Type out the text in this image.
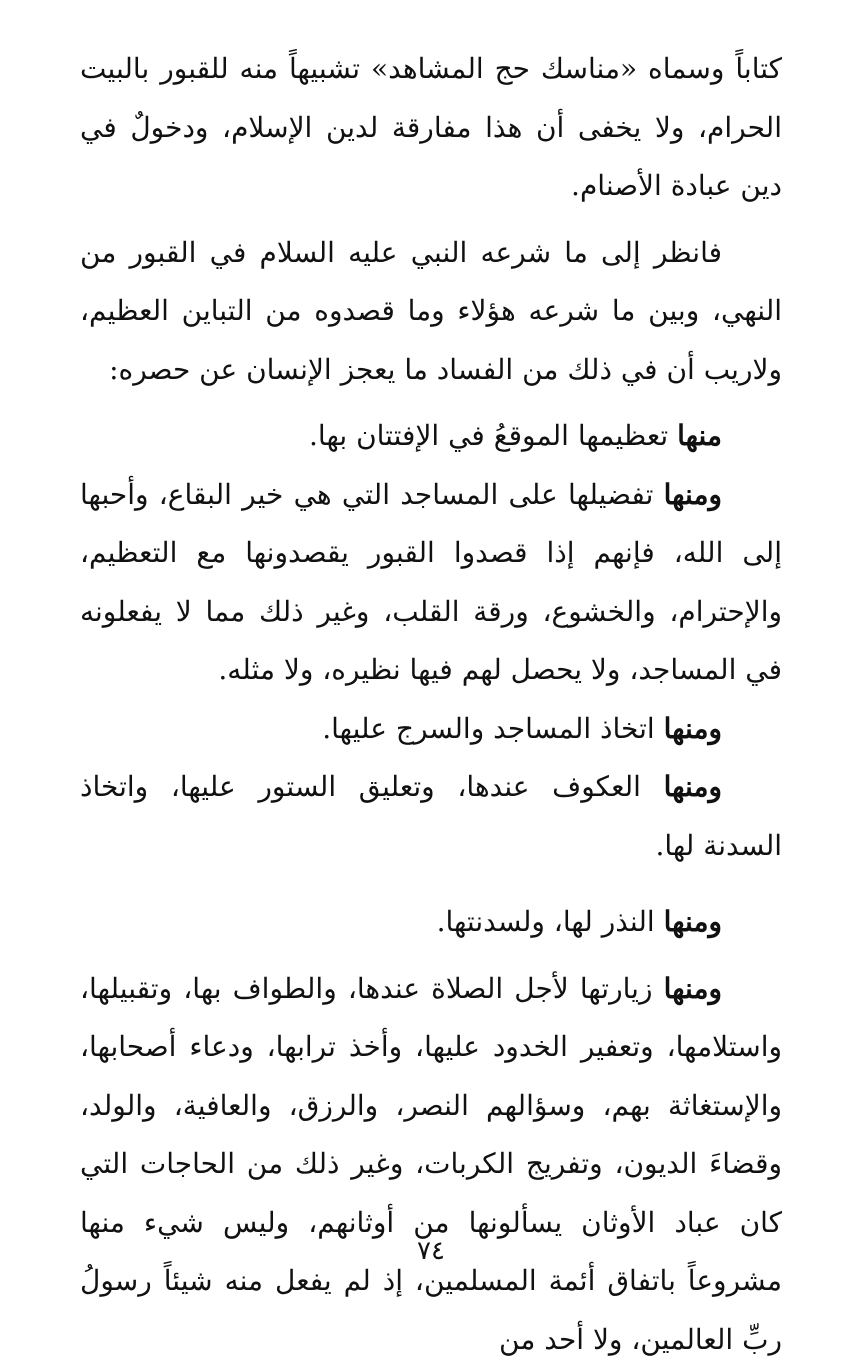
كتاباً وسماه «مناسك حج المشاهد» تشبيهاً منه للقبور بالبيت الحرام، ولا يخفى أن هذا مفارقة لدين الإسلام، ودخولٌ في دين عبادة الأصنام.

فانظر إلى ما شرعه النبي عليه السلام في القبور من النهي، وبين ما شرعه هؤلاء وما قصدوه من التباين العظيم، ولاريب أن في ذلك من الفساد ما يعجز الإنسان عن حصره:

منها تعظيمها الموقعُ في الإفتتان بها.

ومنها تفضيلها على المساجد التي هي خير البقاع، وأحبها إلى الله، فإنهم إذا قصدوا القبور يقصدونها مع التعظيم، والإحترام، والخشوع، ورقة القلب، وغير ذلك مما لا يفعلونه في المساجد، ولا يحصل لهم فيها نظيره، ولا مثله.

ومنها اتخاذ المساجد والسرج عليها.

ومنها العكوف عندها، وتعليق الستور عليها، واتخاذ السدنة لها.

ومنها النذر لها، ولسدنتها.

ومنها زيارتها لأجل الصلاة عندها، والطواف بها، وتقبيلها، واستلامها، وتعفير الخدود عليها، وأخذ ترابها، ودعاء أصحابها، والإستغاثة بهم، وسؤالهم النصر، والرزق، والعافية، والولد، وقضاءَ الديون، وتفريج الكربات، وغير ذلك من الحاجات التي كان عباد الأوثان يسألونها من أوثانهم، وليس شيء منها مشروعاً باتفاق أئمة المسلمين، إذ لم يفعل منه شيئاً رسولُ ربِّ العالمين، ولا أحد من

٧٤
